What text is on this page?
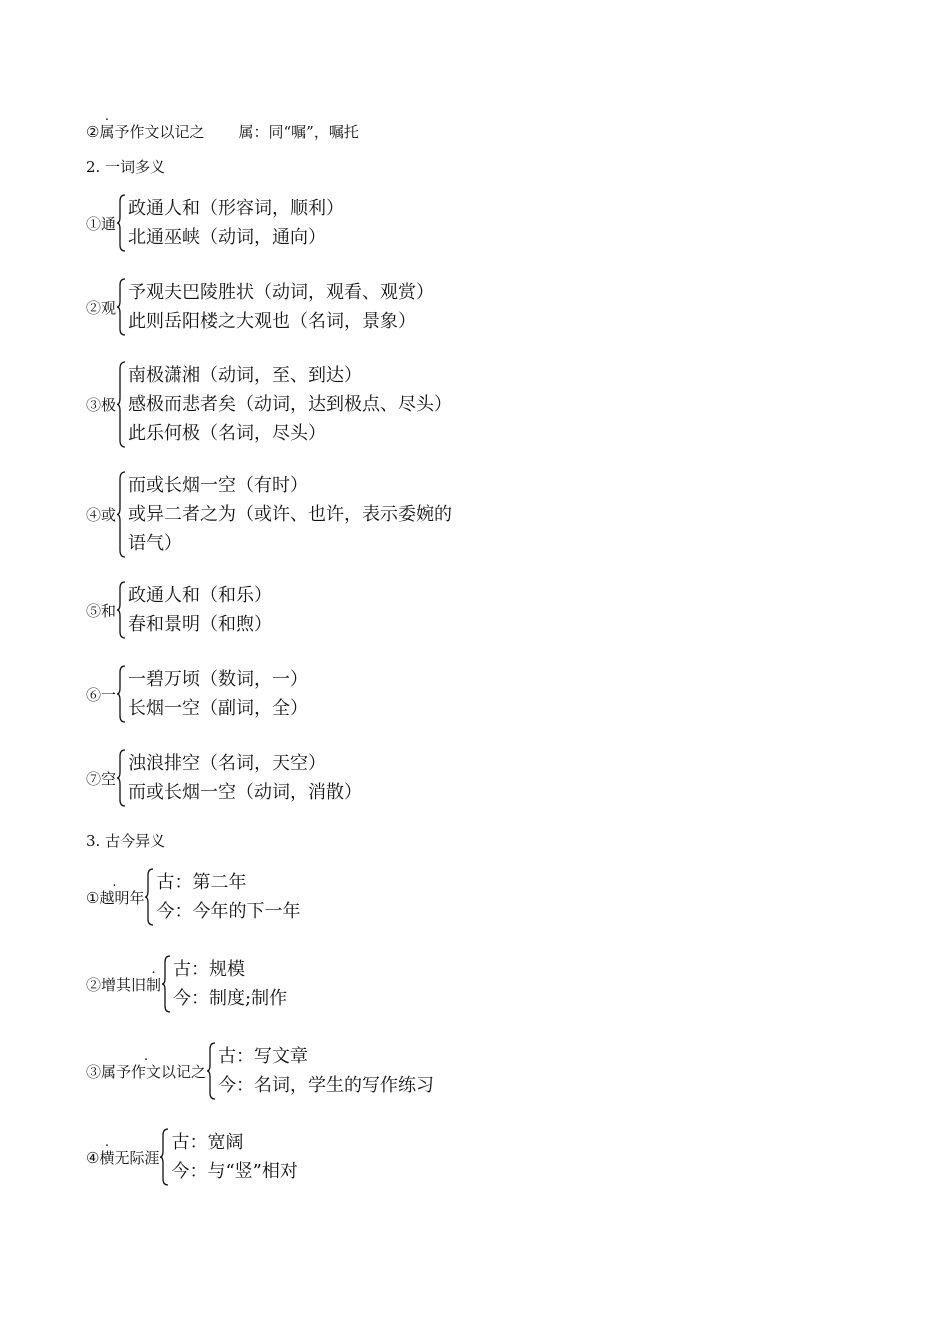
②属予作文以记之 属：同“嘱”，嘱托
2. 一词多义
①通
政通人和（形容词，顺利）
北通巫峡（动词，通向）
②观
予观夫巴陵胜状（动词，观看、观赏）
此则岳阳楼之大观也（名词，景象）
③极
南极潇湘（动词，至、到达）
感极而悲者矣（动词，达到极点、尽头）
此乐何极（名词，尽头）
④或
而或长烟一空（有时）
或异二者之为（或许、也许，表示委婉的语气）
⑤和
政通人和（和乐）
春和景明（和煦）
⑥一
一碧万顷（数词，一）
长烟一空（副词，全）
⑦空
浊浪排空（名词，天空）
而或长烟一空（动词，消散）
3. 古今异义
①越明年
古：第二年
今：今年的下一年
②增其旧制
古：规模
今：制度;制作
③属予作文以记之
古：写文章
今：名词，学生的写作练习
④横无际涯
古：宽阔
今：与“竖”相对
